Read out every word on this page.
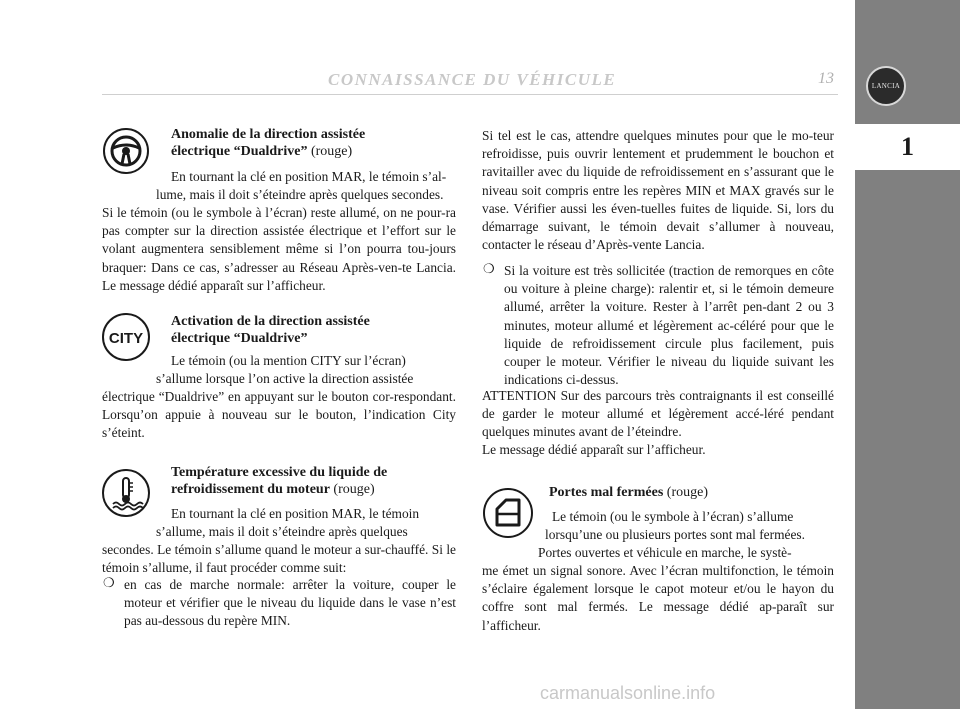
LANCIA
1
CONNAISSANCE DU VÉHICULE	13
Anomalie de la direction assistée
électrique “Dualdrive” (rouge)
En tournant la clé en position MAR, le témoin s’al-
lume, mais il doit s’éteindre après quelques secondes.
Si le témoin (ou le symbole à l’écran) reste allumé, on ne pour-ra pas compter sur la direction assistée électrique et l’effort sur le volant augmentera sensiblement même si l’on pourra tou-jours braquer: Dans ce cas, s’adresser au Réseau Après-ven-te Lancia. Le message dédié apparaît sur l’afficheur.
CITY
Activation de la direction assistée
électrique “Dualdrive”
Le témoin (ou la mention CITY sur l’écran)
s’allume lorsque l’on active la direction assistée
électrique “Dualdrive” en appuyant sur le bouton cor-respondant. Lorsqu’on appuie à nouveau sur le bouton, l’indication City s’éteint.
Température excessive du liquide de
refroidissement du moteur (rouge)
En tournant la clé en position MAR, le témoin
s’allume, mais il doit s’éteindre après quelques
secondes. Le témoin s’allume quand le moteur a sur-chauffé. Si le témoin s’allume, il faut procéder comme suit:
❍ en cas de marche normale: arrêter la voiture, couper le moteur et vérifier que le niveau du liquide dans le vase n’est pas au-dessous du repère MIN.
Si tel est le cas, attendre quelques minutes pour que le mo-teur refroidisse, puis ouvrir lentement et prudemment le bouchon et ravitailler avec du liquide de refroidissement en s’assurant que le niveau soit compris entre les repères MIN et MAX gravés sur le vase. Vérifier aussi les éven-tuelles fuites de liquide. Si, lors du démarrage suivant, le témoin devait s’allumer à nouveau, contacter le réseau d’Après-vente Lancia.
❍ Si la voiture est très sollicitée (traction de remorques en côte ou voiture à pleine charge): ralentir et, si le témoin demeure allumé, arrêter la voiture. Rester à l’arrêt pen-dant 2 ou 3 minutes, moteur allumé et légèrement ac-céléré pour que le liquide de refroidissement circule plus facilement, puis couper le moteur. Vérifier le niveau du liquide suivant les indications ci-dessus.
ATTENTION Sur des parcours très contraignants il est conseillé de garder le moteur allumé et légèrement accé-léré pendant quelques minutes avant de l’éteindre.
Le message dédié apparaît sur l’afficheur.
Portes mal fermées (rouge)
Le témoin (ou le symbole à l’écran) s’allume
lorsqu’une ou plusieurs portes sont mal fermées.
Portes ouvertes et véhicule en marche, le systè-
me émet un signal sonore. Avec l’écran multifonction, le témoin s’éclaire également lorsque le capot moteur et/ou le hayon du coffre sont mal fermés. Le message dédié ap-paraît sur l’afficheur.
carmanualsonline.info
